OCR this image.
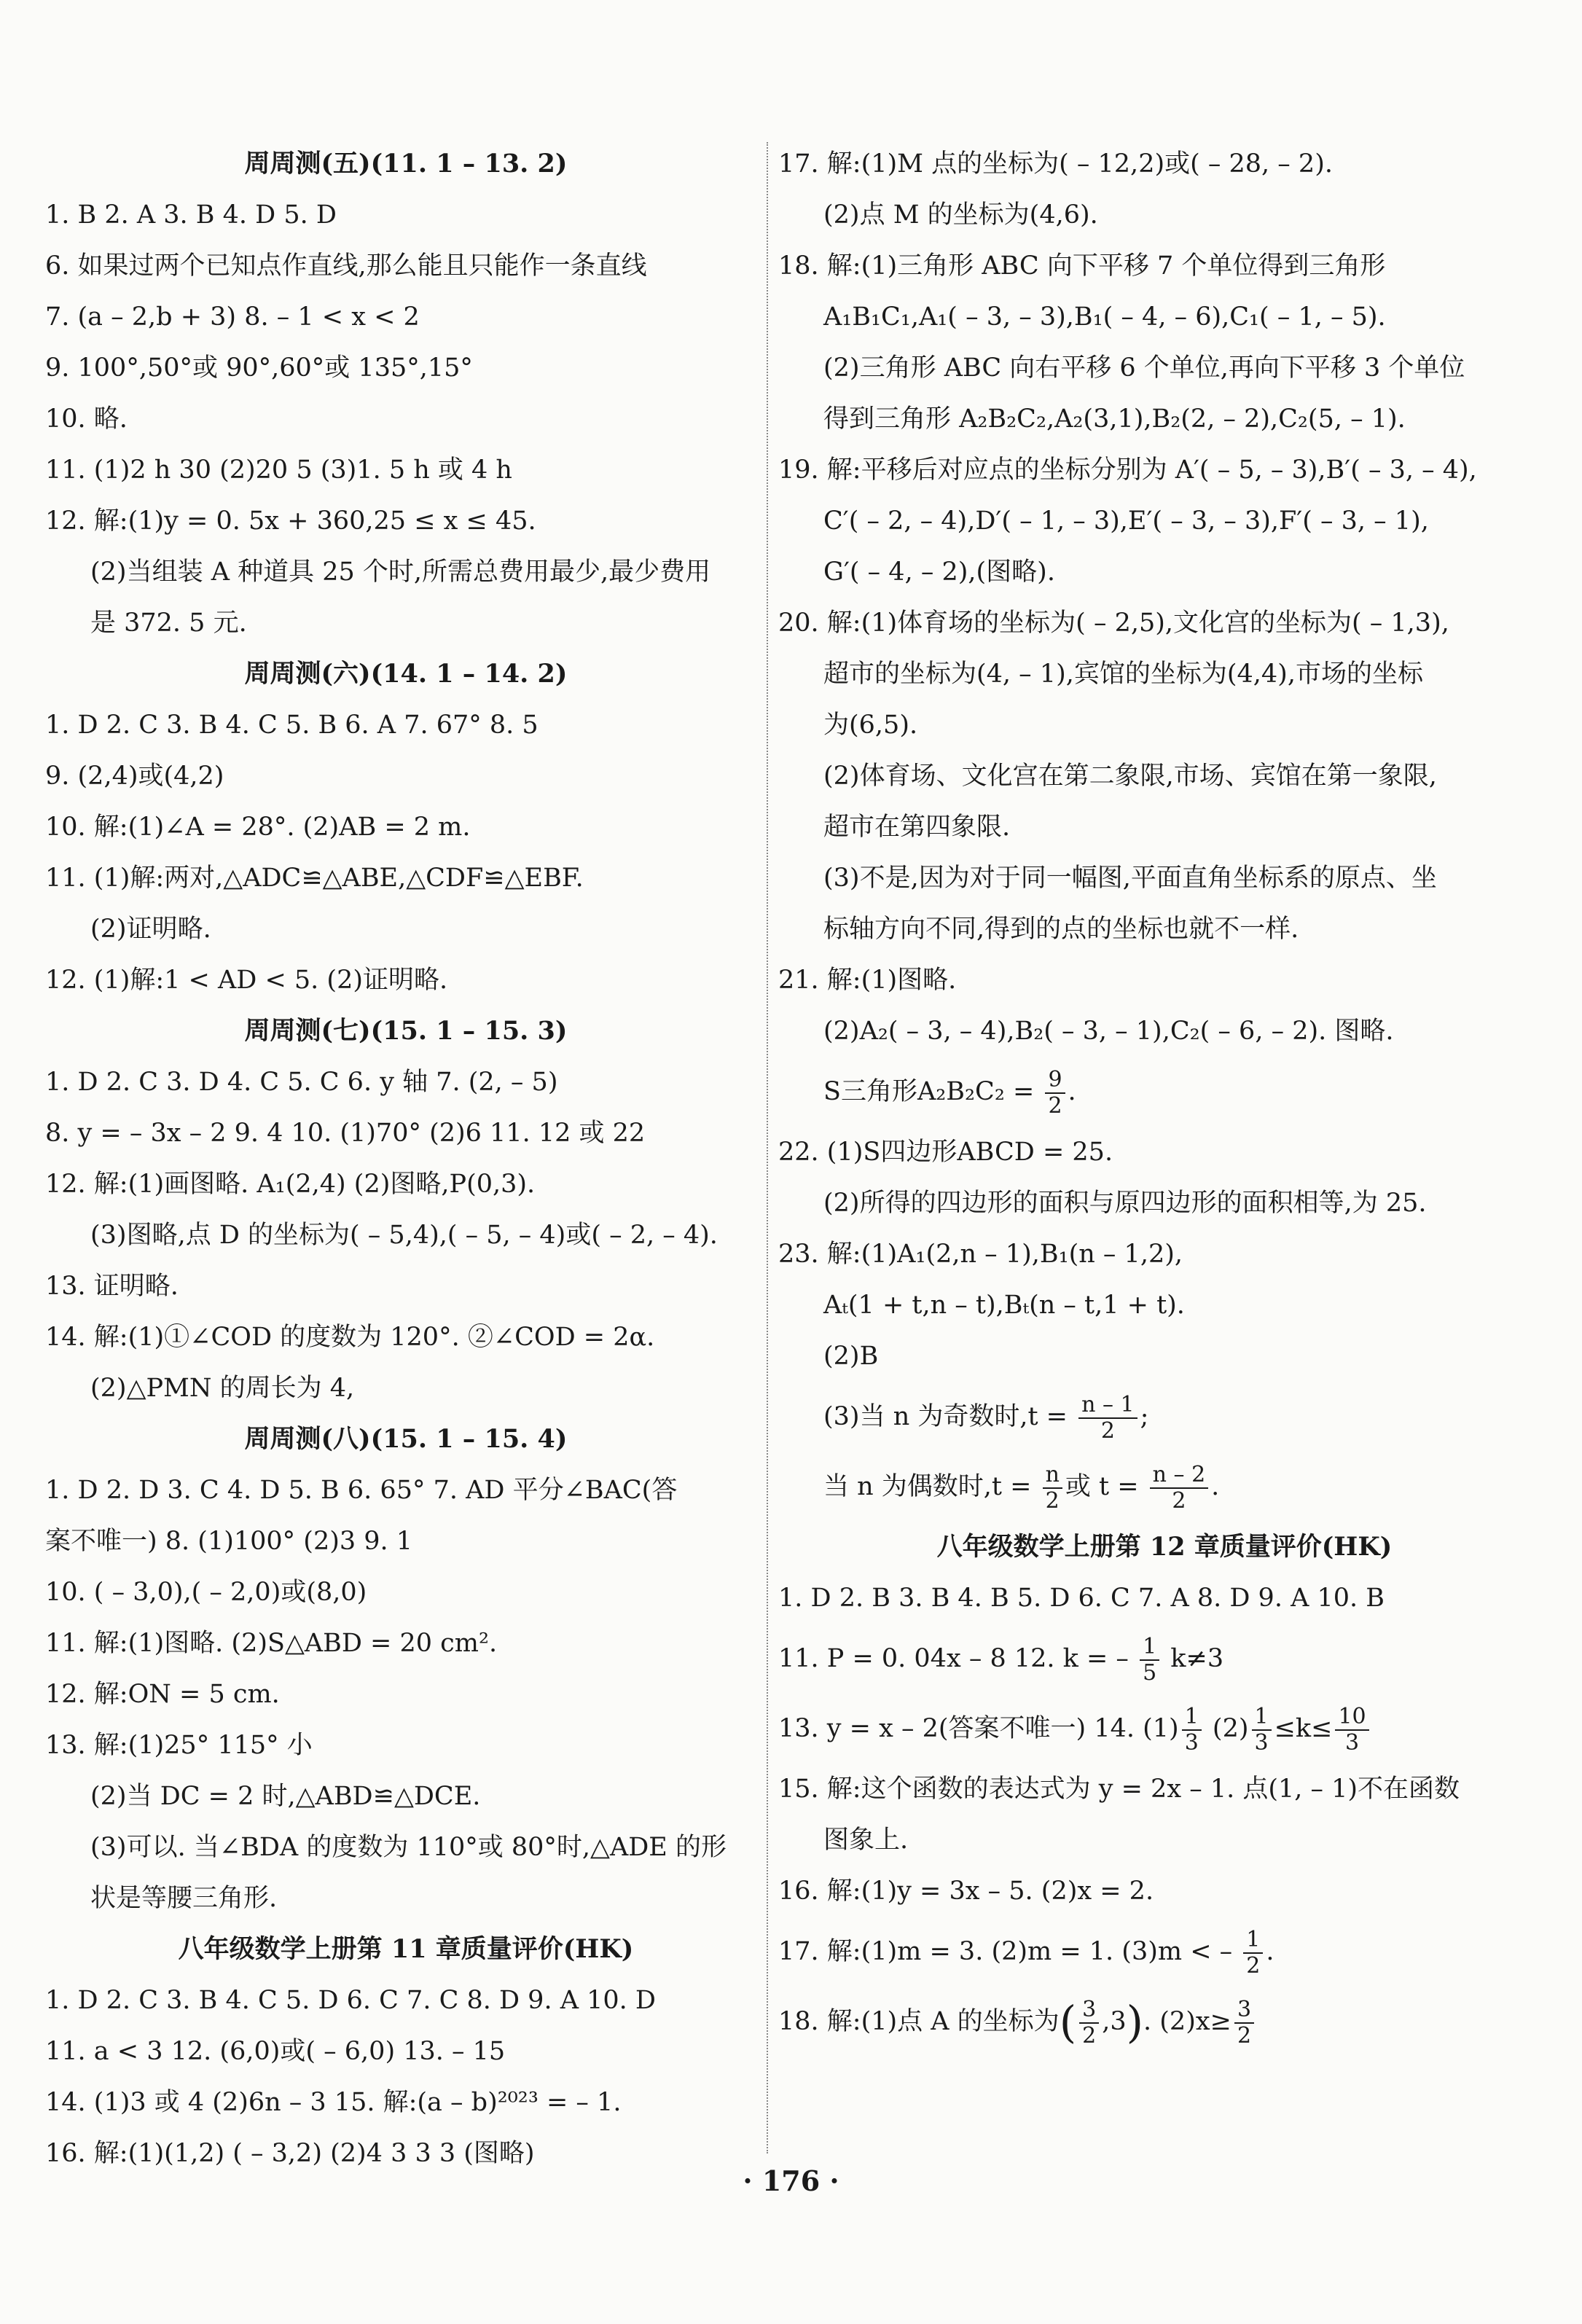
周周测(五)(11. 1 – 13. 2)
1. B 2. A 3. B 4. D 5. D
6. 如果过两个已知点作直线,那么能且只能作一条直线
7. (a – 2,b + 3) 8. – 1 < x < 2
9. 100°,50°或 90°,60°或 135°,15°
10. 略.
11. (1)2 h 30 (2)20 5 (3)1. 5 h 或 4 h
12. 解:(1)y = 0. 5x + 360,25 ≤ x ≤ 45.
(2)当组装 A 种道具 25 个时,所需总费用最少,最少费用
是 372. 5 元.
周周测(六)(14. 1 – 14. 2)
1. D 2. C 3. B 4. C 5. B 6. A 7. 67° 8. 5
9. (2,4)或(4,2)
10. 解:(1)∠A = 28°. (2)AB = 2 m.
11. (1)解:两对,△ADC≌△ABE,△CDF≌△EBF.
(2)证明略.
12. (1)解:1 < AD < 5. (2)证明略.
周周测(七)(15. 1 – 15. 3)
1. D 2. C 3. D 4. C 5. C 6. y 轴 7. (2, – 5)
8. y = – 3x – 2 9. 4 10. (1)70° (2)6 11. 12 或 22
12. 解:(1)画图略. A₁(2,4) (2)图略,P(0,3).
(3)图略,点 D 的坐标为( – 5,4),( – 5, – 4)或( – 2, – 4).
13. 证明略.
14. 解:(1)①∠COD 的度数为 120°. ②∠COD = 2α.
(2)△PMN 的周长为 4,
周周测(八)(15. 1 – 15. 4)
1. D 2. D 3. C 4. D 5. B 6. 65° 7. AD 平分∠BAC(答
案不唯一) 8. (1)100° (2)3 9. 1
10. ( – 3,0),( – 2,0)或(8,0)
11. 解:(1)图略. (2)S△ABD = 20 cm².
12. 解:ON = 5 cm.
13. 解:(1)25° 115° 小
(2)当 DC = 2 时,△ABD≌△DCE.
(3)可以. 当∠BDA 的度数为 110°或 80°时,△ADE 的形
状是等腰三角形.
八年级数学上册第 11 章质量评价(HK)
1. D 2. C 3. B 4. C 5. D 6. C 7. C 8. D 9. A 10. D
11. a < 3 12. (6,0)或( – 6,0) 13. – 15
14. (1)3 或 4 (2)6n – 3 15. 解:(a – b)²⁰²³ = – 1.
16. 解:(1)(1,2) ( – 3,2) (2)4 3 3 3 (图略)
17. 解:(1)M 点的坐标为( – 12,2)或( – 28, – 2).
(2)点 M 的坐标为(4,6).
18. 解:(1)三角形 ABC 向下平移 7 个单位得到三角形
A₁B₁C₁,A₁( – 3, – 3),B₁( – 4, – 6),C₁( – 1, – 5).
(2)三角形 ABC 向右平移 6 个单位,再向下平移 3 个单位
得到三角形 A₂B₂C₂,A₂(3,1),B₂(2, – 2),C₂(5, – 1).
19. 解:平移后对应点的坐标分别为 A′( – 5, – 3),B′( – 3, – 4),
C′( – 2, – 4),D′( – 1, – 3),E′( – 3, – 3),F′( – 3, – 1),
G′( – 4, – 2),(图略).
20. 解:(1)体育场的坐标为( – 2,5),文化宫的坐标为( – 1,3),
超市的坐标为(4, – 1),宾馆的坐标为(4,4),市场的坐标
为(6,5).
(2)体育场、文化宫在第二象限,市场、宾馆在第一象限,
超市在第四象限.
(3)不是,因为对于同一幅图,平面直角坐标系的原点、坐
标轴方向不同,得到的点的坐标也就不一样.
21. 解:(1)图略.
(2)A₂( – 3, – 4),B₂( – 3, – 1),C₂( – 6, – 2). 图略.
S三角形$A_2B_2C_2 = \frac{9}{2}$ .
22. (1)S四边形ABCD = 25.
(2)所得的四边形的面积与原四边形的面积相等,为 25.
23. 解:(1)A₁(2,n – 1),B₁(n – 1,2),
Aₜ(1 + t,n – t),Bₜ(n – t,1 + t).
(2)B
(3)当 n 为奇数时$,t = \frac{n - 1}{2}$ ;
当 n 为偶数时$,t = \frac{n}{2}$ 或 $t = \frac{n - 2}{2}$ .
八年级数学上册第 12 章质量评价(HK)
1. D 2. B 3. B 4. B 5. D 6. C 7. A 8. D 9. A 10. B
11. P = 0. 04x – 8 12. k = – $\frac{1}{5} k\ne 3$
13. y = x – 2(答案不唯一) 14. $(1) \frac{1}{3} (2) \frac{1}{3} \le k\le \frac{10}{3}$
15. 解:这个函数的表达式为 y = 2x – 1. 点(1, – 1)不在函数
图象上.
16. 解:(1)y = 3x – 5. (2)x = 2.
17. 解:(1)m = 3. (2)m = 1. (3)m < – $\frac{1}{2}$ .
18. 解:(1)点 A 的坐标为( $\frac{3}{2} ,3$). $(2)x\ge \frac{3}{2}$
· 176 ·
